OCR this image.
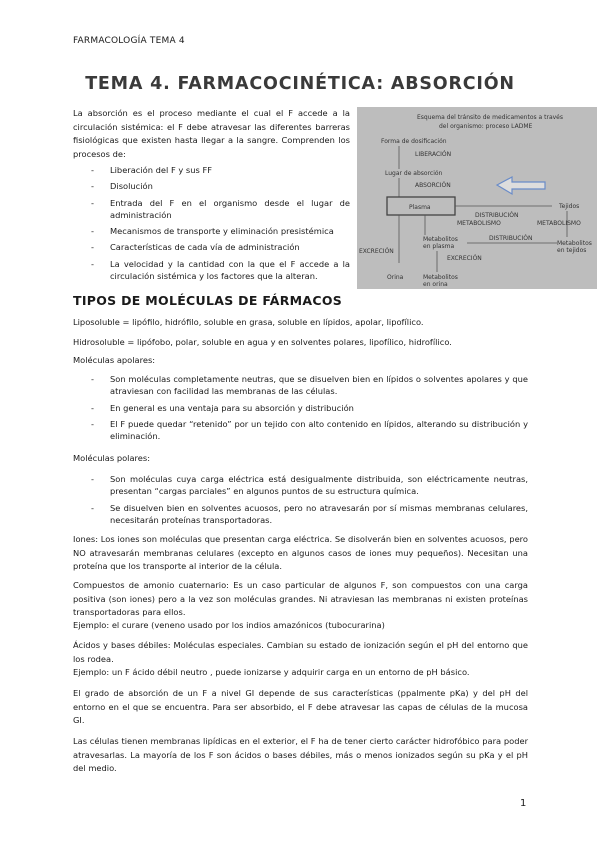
FARMACOLOGÍA TEMA 4
TEMA 4. FARMACOCINÉTICA: ABSORCIÓN
La absorción es el proceso mediante el cual el F accede a la circulación sistémica: el F debe atravesar las diferentes barreras fisiológicas que existen hasta llegar a la sangre. Comprenden los procesos de:
- Liberación del F y sus FF
- Disolución
- Entrada del F en el organismo desde el lugar de administración
- Mecanismos de transporte y eliminación presistémica
- Características de cada vía de administración
- La velocidad y la cantidad con la que el F accede a la circulación sistémica y los factores que la alteran.
Esquema del tránsito de medicamentos a través
del organismo: proceso LADME
Forma de dosificación
LIBERACIÓN
Lugar de absorción
ABSORCIÓN
Plasma	Tejidos
DISTRIBUCIÓN
METABOLISMO	METABOLISMO
EXCRECIÓN
Metabolitos
en plasma
DISTRIBUCIÓN
Metabolitos
en tejidos
EXCRECIÓN
Orina	Metabolitos
en orina
TIPOS DE MOLÉCULAS DE FÁRMACOS
Liposoluble = lipófilo, hidrófilo, soluble en grasa, soluble en lípidos, apolar, lipofílico.
Hidrosoluble = lipófobo, polar, soluble en agua y en solventes polares, lipofílico, hidrofílico.
Moléculas apolares:
- Son moléculas completamente neutras, que se disuelven bien en lípidos o solventes apolares y que atraviesan con facilidad las membranas de las células.
- En general es una ventaja para su absorción y distribución
- El F puede quedar “retenido” por un tejido con alto contenido en lípidos, alterando su distribución y eliminación.
Moléculas polares:
- Son moléculas cuya carga eléctrica está desigualmente distribuida, son eléctricamente neutras, presentan “cargas parciales” en algunos puntos de su estructura química.
- Se disuelven bien en solventes acuosos, pero no atravesarán por sí mismas membranas celulares, necesitarán proteínas transportadoras.
Iones: Los iones son moléculas que presentan carga eléctrica. Se disolverán bien en solventes acuosos, pero NO atravesarán membranas celulares (excepto en algunos casos de iones muy pequeños). Necesitan una proteína que los transporte al interior de la célula.
Compuestos de amonio cuaternario: Es un caso particular de algunos F, son compuestos con una carga positiva (son iones) pero a la vez son moléculas grandes. Ni atraviesan las membranas ni existen proteínas transportadoras para ellos.
Ejemplo: el curare (veneno usado por los indios amazónicos (tubocurarina)
Ácidos y bases débiles: Moléculas especiales. Cambian su estado de ionización según el pH del entorno que los rodea.
Ejemplo: un F ácido débil neutro , puede ionizarse y adquirir carga en un entorno de pH básico.
El grado de absorción de un F a nivel GI depende de sus características (ppalmente pKa) y del pH del entorno en el que se encuentra. Para ser absorbido, el F debe atravesar las capas de células de la mucosa GI.
Las células tienen membranas lipídicas en el exterior, el F ha de tener cierto carácter hidrofóbico para poder atravesarlas. La mayoría de los F son ácidos o bases débiles, más o menos ionizados según su pKa y el pH del medio.
1
